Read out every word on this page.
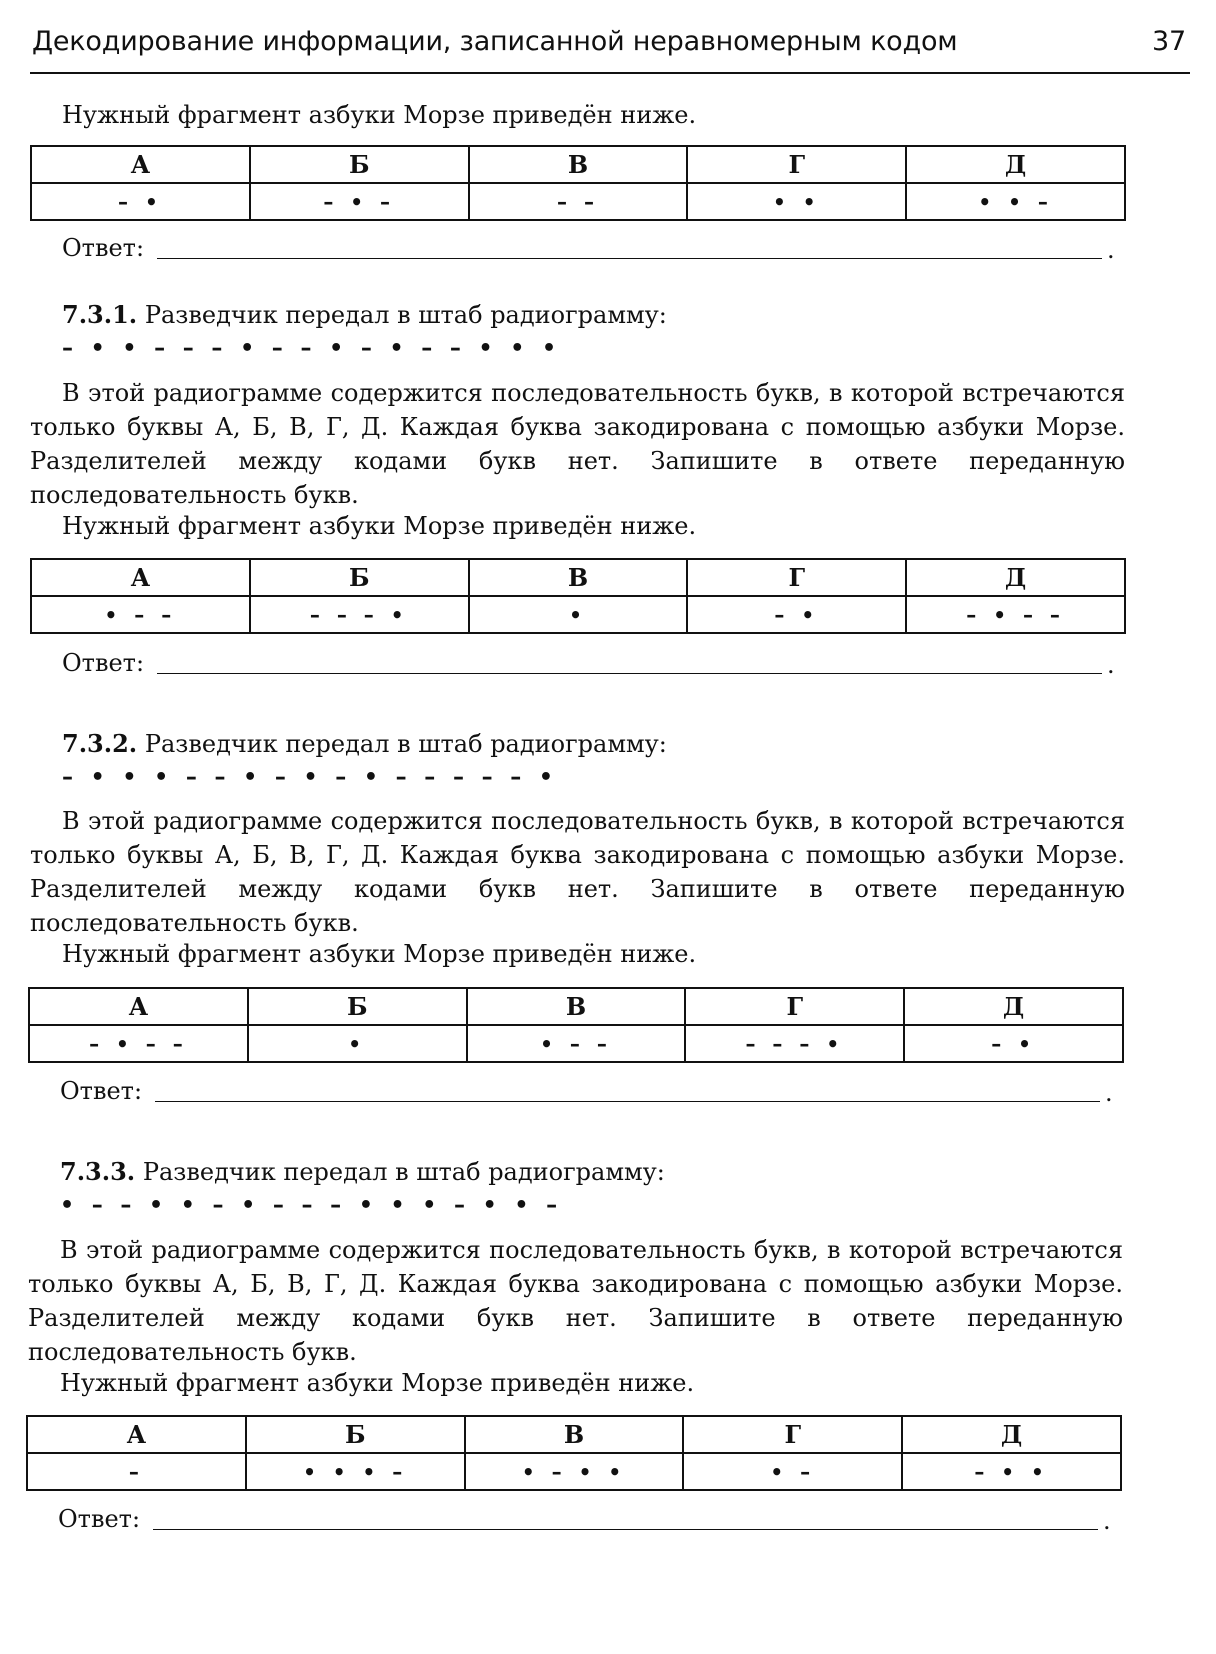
Декодирование информации, записанной неравномерным кодом	37
Нужный фрагмент азбуки Морзе приведён ниже.
А	Б	В	Г	Д
– •	– • –	– –	• •	• • –
Ответ:	.
7.3.1. Разведчик передал в штаб радиограмму:
– • • – – – • – – • – • – – • • •
В этой радиограмме содержится последовательность букв, в которой встречаются только буквы А, Б, В, Г, Д. Каждая буква закодирована с помощью азбуки Морзе. Разделителей между кодами букв нет. Запишите в ответе переданную последовательность букв.
Нужный фрагмент азбуки Морзе приведён ниже.
А	Б	В	Г	Д
• – –	– – – •	•	– •	– • – –
Ответ:	.
7.3.2. Разведчик передал в штаб радиограмму:
– • • • – – • – • – • – – – – – •
В этой радиограмме содержится последовательность букв, в которой встречаются только буквы А, Б, В, Г, Д. Каждая буква закодирована с помощью азбуки Морзе. Разделителей между кодами букв нет. Запишите в ответе переданную последовательность букв.
Нужный фрагмент азбуки Морзе приведён ниже.
А	Б	В	Г	Д
– • – –	•	• – –	– – – •	– •
Ответ:	.
7.3.3. Разведчик передал в штаб радиограмму:
• – – • • – • – – – • • • – • • –
В этой радиограмме содержится последовательность букв, в которой встречаются только буквы А, Б, В, Г, Д. Каждая буква закодирована с помощью азбуки Морзе. Разделителей между кодами букв нет. Запишите в ответе переданную последовательность букв.
Нужный фрагмент азбуки Морзе приведён ниже.
А	Б	В	Г	Д
–	• • • –	• – • •	• –	– • •
Ответ:	.
